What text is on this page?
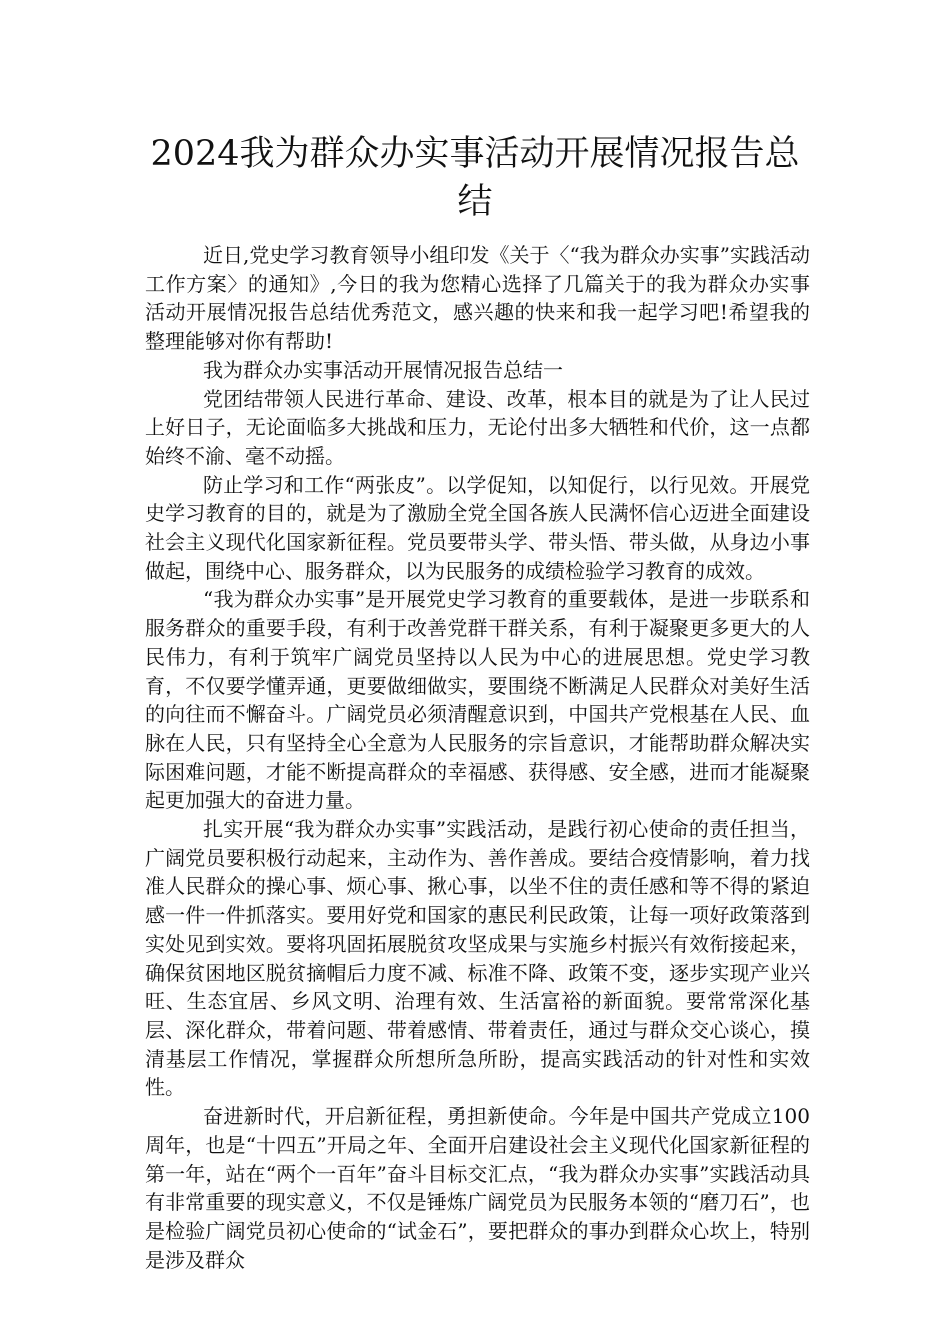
2024我为群众办实事活动开展情况报告总结

近日,党史学习教育领导小组印发《关于〈“我为群众办实事”实践活动工作方案〉的通知》,今日的我为您精心选择了几篇关于的我为群众办实事活动开展情况报告总结优秀范文，感兴趣的快来和我一起学习吧!希望我的整理能够对你有帮助!

我为群众办实事活动开展情况报告总结一

党团结带领人民进行革命、建设、改革，根本目的就是为了让人民过上好日子，无论面临多大挑战和压力，无论付出多大牺牲和代价，这一点都始终不渝、毫不动摇。

防止学习和工作“两张皮”。以学促知，以知促行，以行见效。开展党史学习教育的目的，就是为了激励全党全国各族人民满怀信心迈进全面建设社会主义现代化国家新征程。党员要带头学、带头悟、带头做，从身边小事做起，围绕中心、服务群众，以为民服务的成绩检验学习教育的成效。

“我为群众办实事”是开展党史学习教育的重要载体，是进一步联系和服务群众的重要手段，有利于改善党群干群关系，有利于凝聚更多更大的人民伟力，有利于筑牢广阔党员坚持以人民为中心的进展思想。党史学习教育，不仅要学懂弄通，更要做细做实，要围绕不断满足人民群众对美好生活的向往而不懈奋斗。广阔党员必须清醒意识到，中国共产党根基在人民、血脉在人民，只有坚持全心全意为人民服务的宗旨意识，才能帮助群众解决实际困难问题，才能不断提高群众的幸福感、获得感、安全感，进而才能凝聚起更加强大的奋进力量。

扎实开展“我为群众办实事”实践活动，是践行初心使命的责任担当，广阔党员要积极行动起来，主动作为、善作善成。要结合疫情影响，着力找准人民群众的操心事、烦心事、揪心事，以坐不住的责任感和等不得的紧迫感一件一件抓落实。要用好党和国家的惠民利民政策，让每一项好政策落到实处见到实效。要将巩固拓展脱贫攻坚成果与实施乡村振兴有效衔接起来，确保贫困地区脱贫摘帽后力度不减、标准不降、政策不变，逐步实现产业兴旺、生态宜居、乡风文明、治理有效、生活富裕的新面貌。要常常深化基层、深化群众，带着问题、带着感情、带着责任，通过与群众交心谈心，摸清基层工作情况，掌握群众所想所急所盼，提高实践活动的针对性和实效性。

奋进新时代，开启新征程，勇担新使命。今年是中国共产党成立100周年，也是“十四五”开局之年、全面开启建设社会主义现代化国家新征程的第一年，站在“两个一百年”奋斗目标交汇点，“我为群众办实事”实践活动具有非常重要的现实意义，不仅是锤炼广阔党员为民服务本领的“磨刀石”，也是检验广阔党员初心使命的“试金石”，要把群众的事办到群众心坎上，特别是涉及群众
